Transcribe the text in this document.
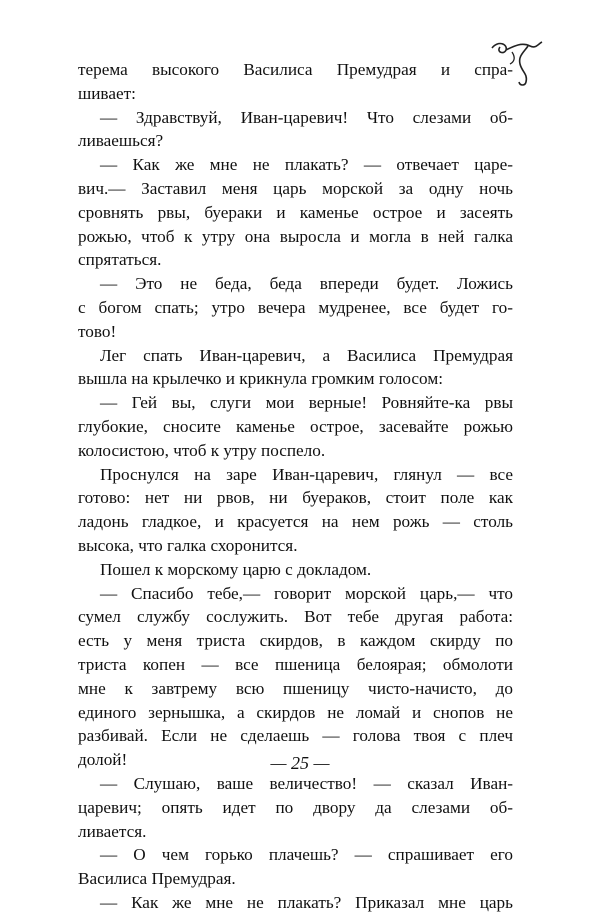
терема высокого Василиса Премудрая и спра-

шивает:

— Здравствуй, Иван-царевич! Что слезами об-

ливаешься?

— Как же мне не плакать? — отвечает царе-

вич.— Заставил меня царь морской за одну ночь

сровнять рвы, буераки и каменье острое и засеять

рожью, чтоб к утру она выросла и могла в ней галка

спрятаться.

— Это не беда, беда впереди будет. Ложись

с богом спать; утро вечера мудренее, все будет го-

тово!

Лег спать Иван-царевич, а Василиса Премудрая

вышла на крылечко и крикнула громким голосом:

— Гей вы, слуги мои верные! Ровняйте-ка рвы

глубокие, сносите каменье острое, засевайте рожью

колосистою, чтоб к утру поспело.

Проснулся на заре Иван-царевич, глянул — все

готово: нет ни рвов, ни буераков, стоит поле как

ладонь гладкое, и красуется на нем рожь — столь

высока, что галка схоронится.

Пошел к морскому царю с докладом.

— Спасибо тебе,— говорит морской царь,— что

сумел службу сослужить. Вот тебе другая работа:

есть у меня триста скирдов, в каждом скирду по

триста копен — все пшеница белоярая; обмолоти

мне к завтрему всю пшеницу чисто-начисто, до

единого зернышка, а скирдов не ломай и снопов не

разбивай. Если не сделаешь — голова твоя с плеч

долой!

— Слушаю, ваше величество! — сказал Иван-

царевич; опять идет по двору да слезами об-

ливается.

— О чем горько плачешь? — спрашивает его

Василиса Премудрая.

— Как же мне не плакать? Приказал мне царь

— 25 —
